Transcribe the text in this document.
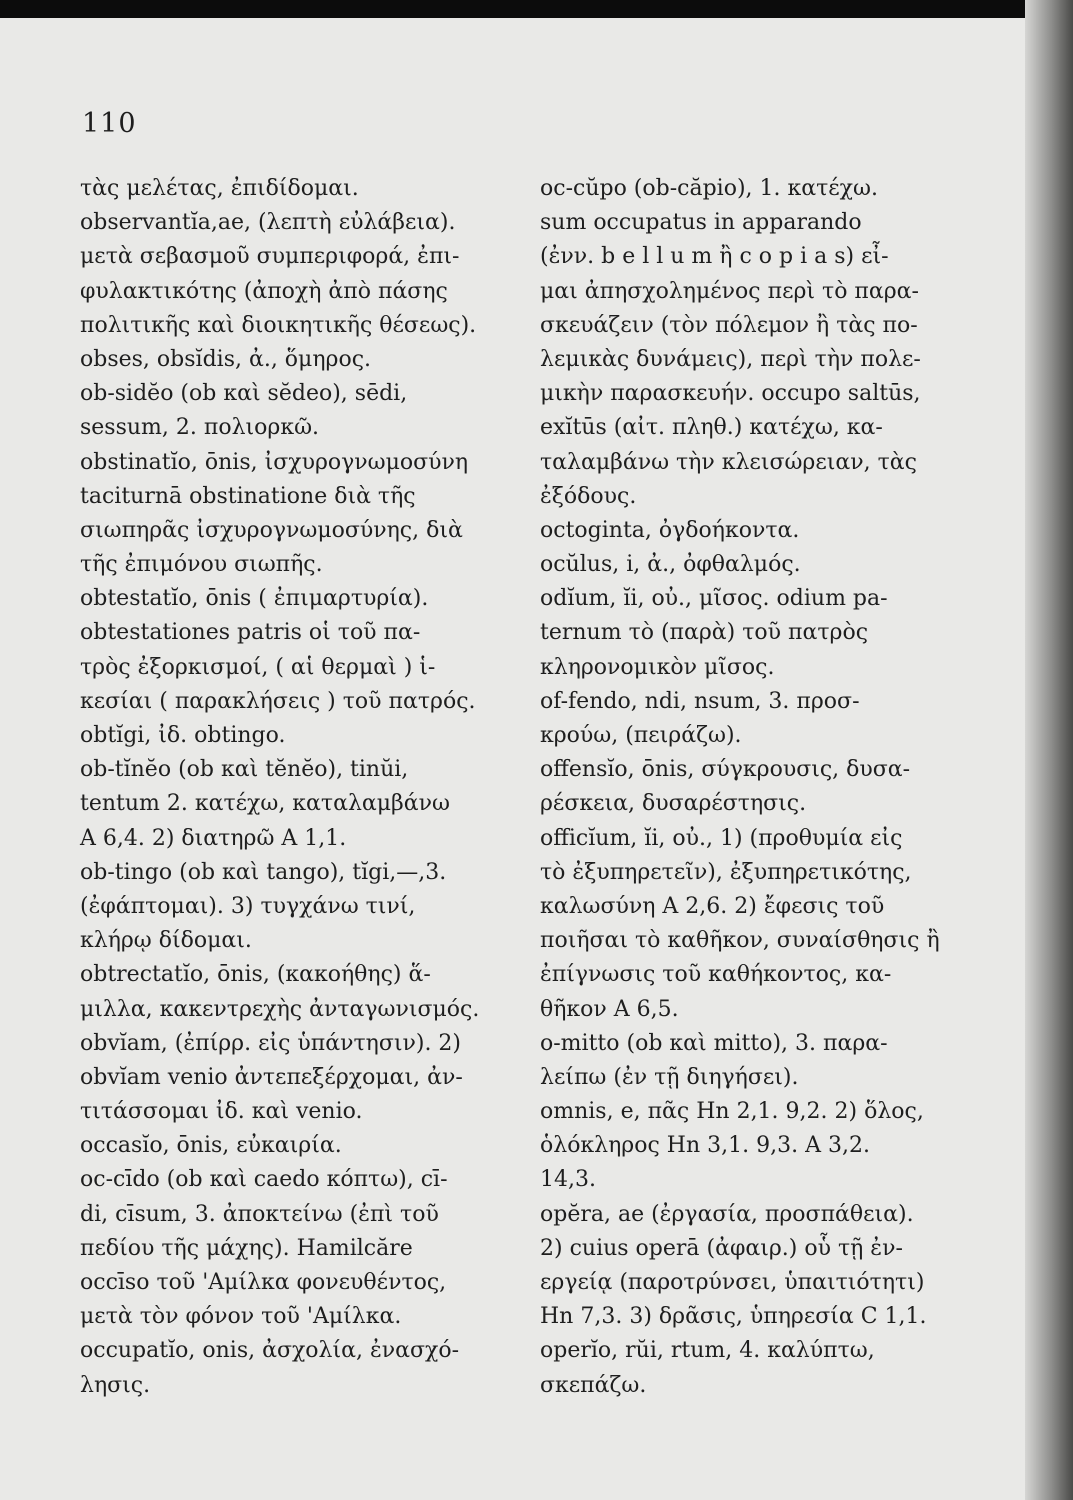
110
τὰς μελέτας, ἐπιδίδομαι.
observantĭa,ae, (λεπτὴ εὐλάβεια).
μετὰ σεβασμοῦ συμπεριφορά, ἐπι-
φυλακτικότης (ἀποχὴ ἀπὸ πάσης
πολιτικῆς καὶ διοικητικῆς θέσεως).
obses, obsĭdis, ἀ., ὅμηρος.
ob-sidĕo (ob καὶ sĕdeo), sēdi,
sessum, 2. πολιορκῶ.
obstinatĭo, ōnis, ἰσχυρογνωμοσύνη
taciturnā obstinatione διὰ τῆς
σιωπηρᾶς ἰσχυρογνωμοσύνης, διὰ
τῆς ἐπιμόνου σιωπῆς.
obtestatĭo, ōnis ( ἐπιμαρτυρία).
obtestationes patris οἱ τοῦ πα-
τρὸς ἐξορκισμοί, ( αἱ θερμαὶ ) ἱ-
κεσίαι ( παρακλήσεις ) τοῦ πατρός.
obtĭgi, ἰδ. obtingo.
ob-tĭnĕo (ob καὶ tĕnĕo), tinŭi,
tentum 2. κατέχω, καταλαμβάνω
A 6,4. 2) διατηρῶ A 1,1.
ob-tingo (ob καὶ tango), tĭgi,—,3.
(ἐφάπτομαι). 3) τυγχάνω τινί,
κλήρῳ δίδομαι.
obtrectatĭo, ōnis, (κακοήθης) ἅ-
μιλλα, κακεντρεχὴς ἀνταγωνισμός.
obvĭam, (ἐπίρρ. εἰς ὑπάντησιν). 2)
obvĭam venio ἀντεπεξέρχομαι, ἀν-
τιτάσσομαι ἰδ. καὶ venio.
occasĭo, ōnis, εὐκαιρία.
oc-cīdo (ob καὶ caedo κόπτω), cī-
di, cīsum, 3. ἀποκτείνω (ἐπὶ τοῦ
πεδίου τῆς μάχης). Hamilcăre
occīso τοῦ 'Αμίλκα φονευθέντος,
μετὰ τὸν φόνον τοῦ 'Αμίλκα.
occupatĭo, onis, ἀσχολία, ἐνασχό-
λησις.
oc-cŭpo (ob-căpio), 1. κατέχω.
sum occupatus in apparando
(ἐνν. b e l l u m ἢ c o p i a s) εἶ-
μαι ἀπησχολημένος περὶ τὸ παρα-
σκευάζειν (τὸν πόλεμον ἢ τὰς πο-
λεμικὰς δυνάμεις), περὶ τὴν πολε-
μικὴν παρασκευήν. occupo saltūs,
exĭtūs (αἰτ. πληθ.) κατέχω, κα-
ταλαμβάνω τὴν κλεισώρειαν, τὰς
ἐξόδους.
octoginta, ὀγδοήκοντα.
ocŭlus, i, ἀ., ὀφθαλμός.
odĭum, ĭi, οὐ., μῖσος. odium pa-
ternum τὸ (παρὰ) τοῦ πατρὸς
κληρονομικὸν μῖσος.
of-fendo, ndi, nsum, 3. προσ-
κρούω, (πειράζω).
offensĭo, ōnis, σύγκρουσις, δυσα-
ρέσκεια, δυσαρέστησις.
officĭum, ĭi, οὐ., 1) (προθυμία εἰς
τὸ ἐξυπηρετεῖν), ἐξυπηρετικότης,
καλωσύνη A 2,6. 2) ἔφεσις τοῦ
ποιῆσαι τὸ καθῆκον, συναίσθησις ἢ
ἐπίγνωσις τοῦ καθήκοντος, κα-
θῆκον A 6,5.
o-mitto (ob καὶ mitto), 3. παρα-
λείπω (ἐν τῇ διηγήσει).
omnis, e, πᾶς Hn 2,1. 9,2. 2) ὅλος,
ὁλόκληρος Hn 3,1. 9,3. A 3,2.
14,3.
opĕra, ae (ἐργασία, προσπάθεια).
2) cuius operā (ἀφαιρ.) οὗ τῇ ἐν-
εργείᾳ (παροτρύνσει, ὑπαιτιότητι)
Hn 7,3. 3) δρᾶσις, ὑπηρεσία C 1,1.
operĭo, rŭi, rtum, 4. καλύπτω,
σκεπάζω.
